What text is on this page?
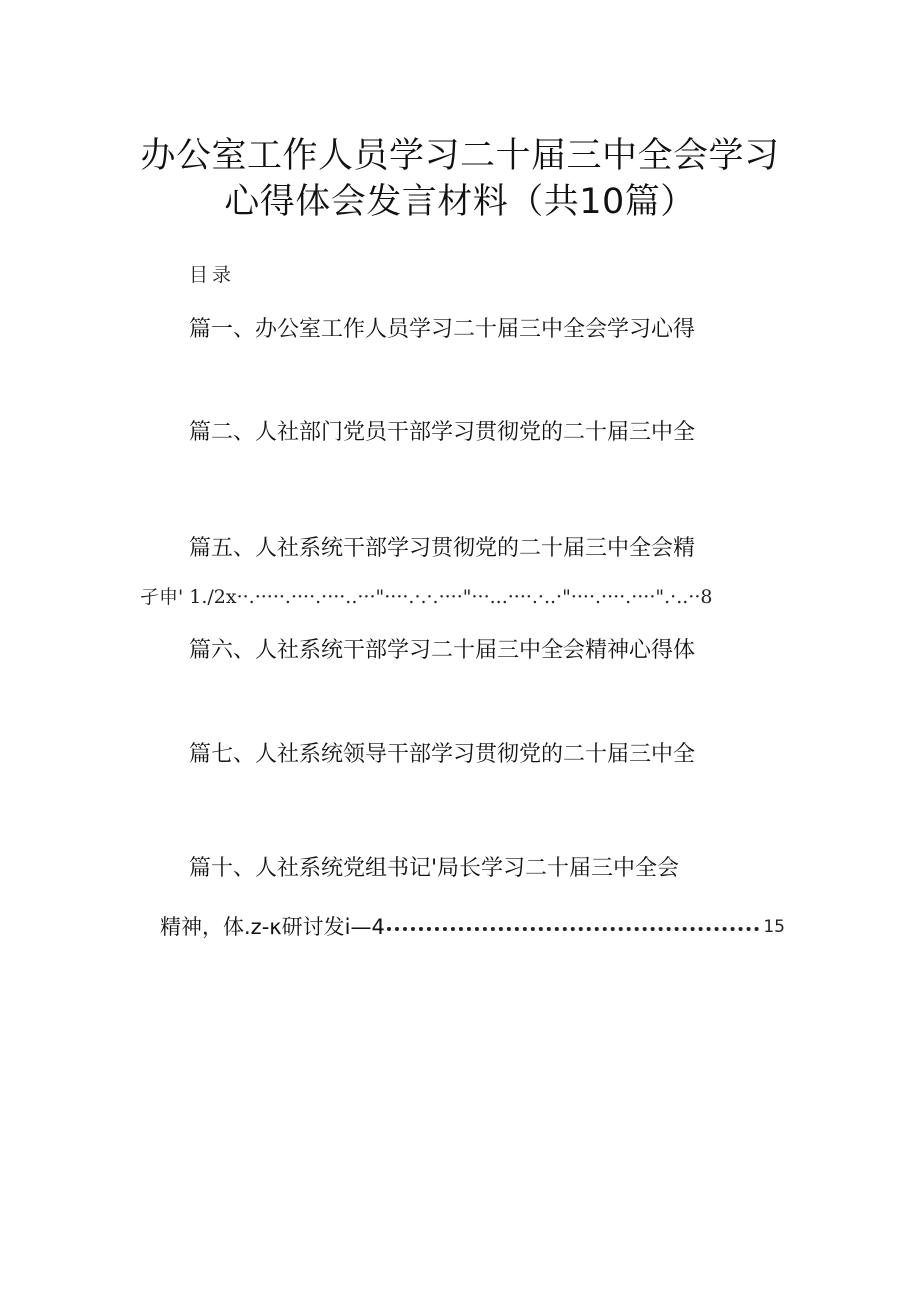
办公室工作人员学习二十届三中全会学习
心得体会发言材料（共10篇）
目录
篇一、办公室工作人员学习二十届三中全会学习心得
篇二、人社部门党员干部学习贯彻党的二十届三中全
篇五、人社系统干部学习贯彻党的二十届三中全会精
孑申' 1./2x··.·····.····.····..···"····.·.·.····"···...····.·..·"····.····.····".·..··8
篇六、人社系统干部学习二十届三中全会精神心得体
篇七、人社系统领导干部学习贯彻党的二十届三中全
篇十、人社系统党组书记'局长学习二十届三中全会
精神，体.z-κ研讨发i—4	15
